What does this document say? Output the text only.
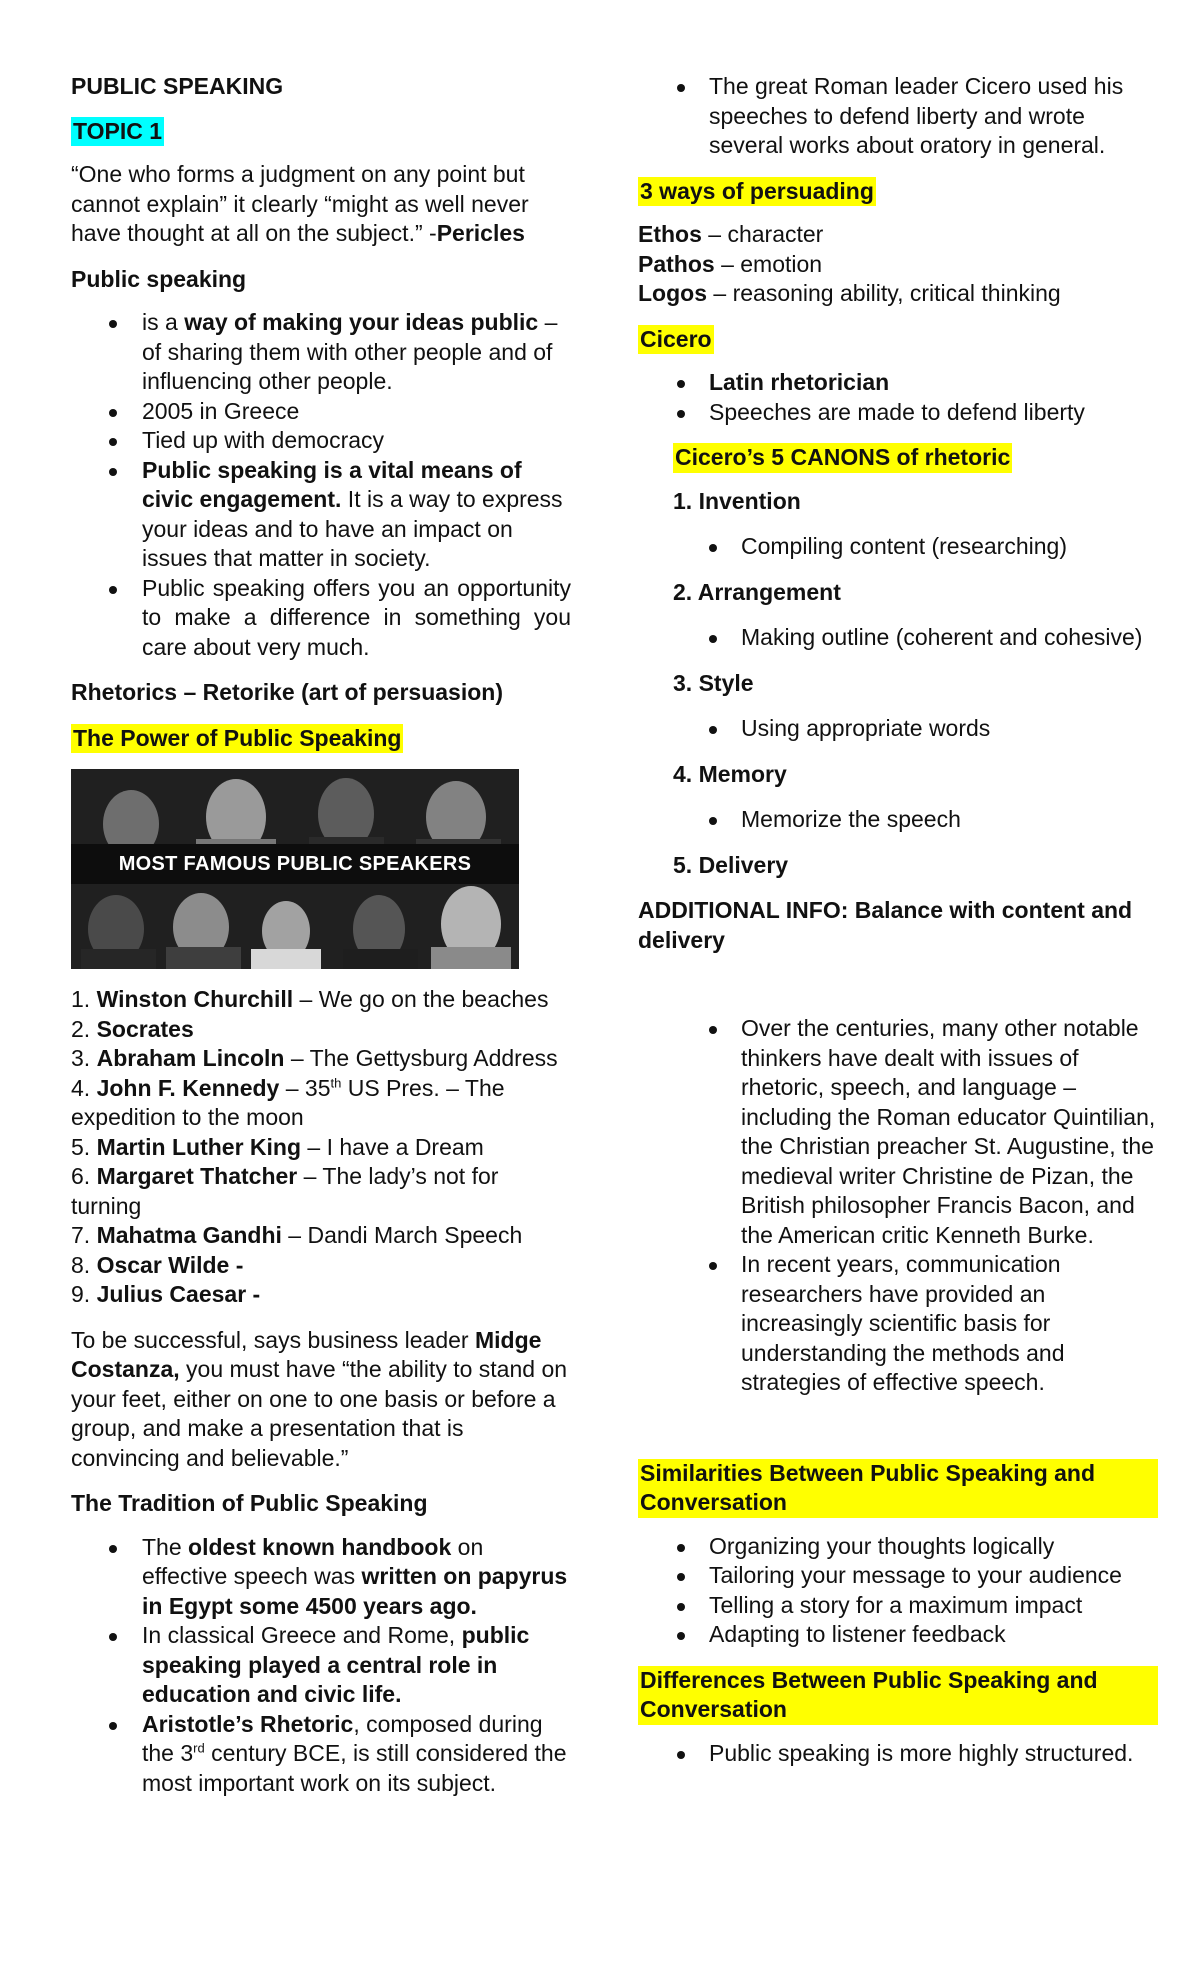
PUBLIC SPEAKING
TOPIC 1
“One who forms a judgment on any point but cannot explain” it clearly “might as well never have thought at all on the subject.” -Pericles
Public speaking
is a way of making your ideas public – of sharing them with other people and of influencing other people.
2005 in Greece
Tied up with democracy
Public speaking is a vital means of civic engagement. It is a way to express your ideas and to have an impact on issues that matter in society.
Public speaking offers you an opportunity to make a difference in something you care about very much.
Rhetorics – Retorike (art of persuasion)
The Power of Public Speaking
MOST FAMOUS PUBLIC SPEAKERS
1. Winston Churchill – We go on the beaches
2. Socrates
3. Abraham Lincoln – The Gettysburg Address
4. John F. Kennedy – 35th US Pres. – The expedition to the moon
5. Martin Luther King – I have a Dream
6. Margaret Thatcher – The lady’s not for turning
7. Mahatma Gandhi – Dandi March Speech
8. Oscar Wilde -
9. Julius Caesar -
To be successful, says business leader Midge Costanza, you must have “the ability to stand on your feet, either on one to one basis or before a group, and make a presentation that is convincing and believable.”
The Tradition of Public Speaking
The oldest known handbook on effective speech was written on papyrus in Egypt some 4500 years ago.
In classical Greece and Rome, public speaking played a central role in education and civic life.
Aristotle’s Rhetoric, composed during the 3rd century BCE, is still considered the most important work on its subject.
The great Roman leader Cicero used his speeches to defend liberty and wrote several works about oratory in general.
3 ways of persuading
Ethos – character
Pathos – emotion
Logos – reasoning ability, critical thinking
Cicero
Latin rhetorician
Speeches are made to defend liberty
Cicero’s 5 CANONS of rhetoric
1. Invention
Compiling content (researching)
2. Arrangement
Making outline (coherent and cohesive)
3. Style
Using appropriate words
4. Memory
Memorize the speech
5. Delivery
ADDITIONAL INFO: Balance with content and delivery
Over the centuries, many other notable thinkers have dealt with issues of rhetoric, speech, and language – including the Roman educator Quintilian, the Christian preacher St. Augustine, the medieval writer Christine de Pizan, the British philosopher Francis Bacon, and the American critic Kenneth Burke.
In recent years, communication researchers have provided an increasingly scientific basis for understanding the methods and strategies of effective speech.
Similarities Between Public Speaking and Conversation
Organizing your thoughts logically
Tailoring your message to your audience
Telling a story for a maximum impact
Adapting to listener feedback
Differences Between Public Speaking and Conversation
Public speaking is more highly structured.
